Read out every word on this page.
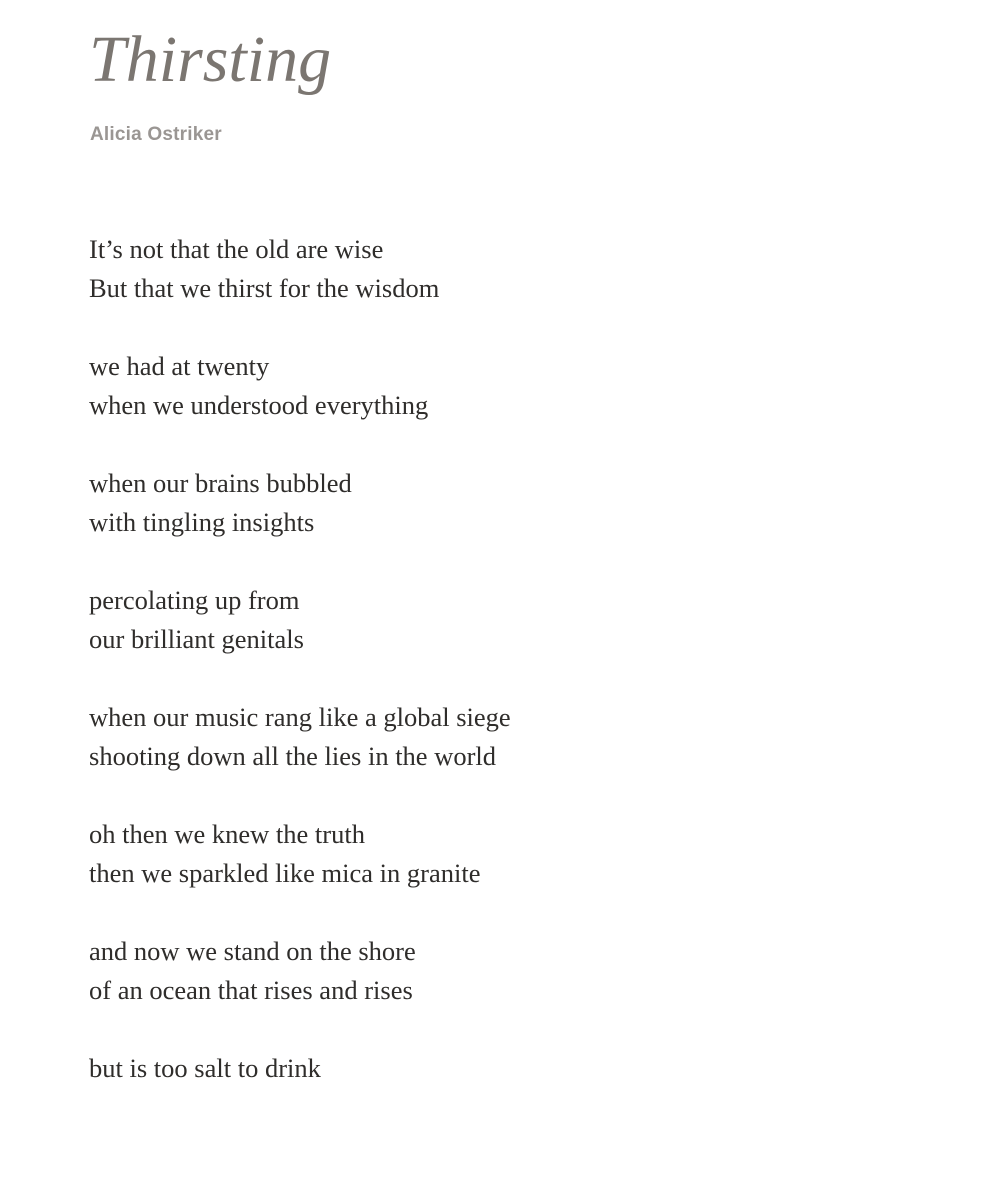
Thirsting
Alicia Ostriker
It’s not that the old are wise
But that we thirst for the wisdom
we had at twenty
when we understood everything
when our brains bubbled
with tingling insights
percolating up from
our brilliant genitals
when our music rang like a global siege
shooting down all the lies in the world
oh then we knew the truth
then we sparkled like mica in granite
and now we stand on the shore
of an ocean that rises and rises
but is too salt to drink
